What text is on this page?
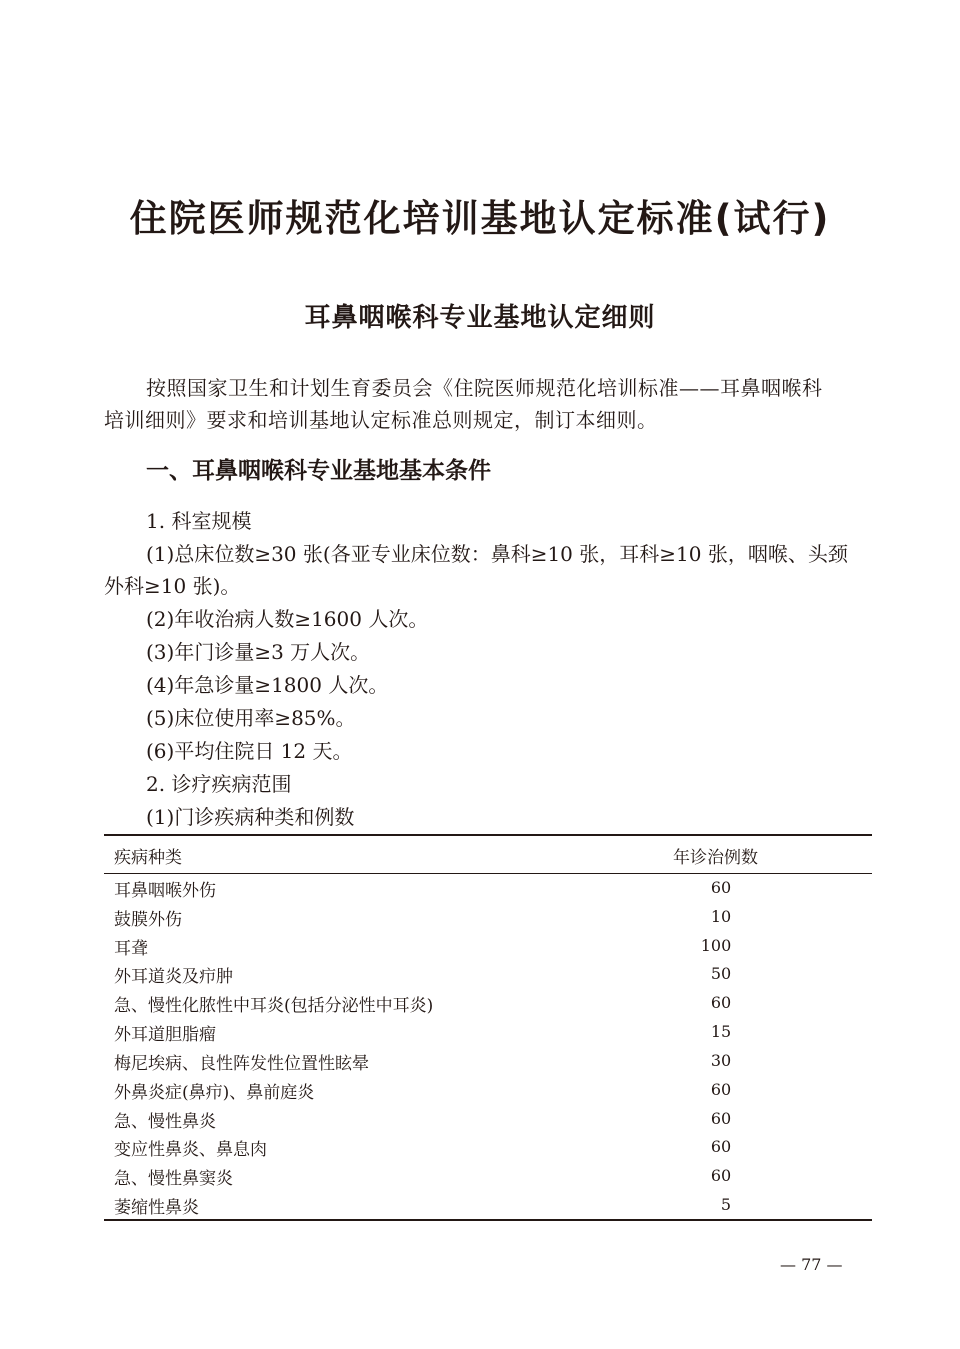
住院医师规范化培训基地认定标准(试行)
耳鼻咽喉科专业基地认定细则
按照国家卫生和计划生育委员会《住院医师规范化培训标准——耳鼻咽喉科
培训细则》要求和培训基地认定标准总则规定，制订本细则。
一、耳鼻咽喉科专业基地基本条件
1. 科室规模
(1)总床位数≥30 张(各亚专业床位数：鼻科≥10 张，耳科≥10 张，咽喉、头颈
外科≥10 张)。
(2)年收治病人数≥1600 人次。
(3)年门诊量≥3 万人次。
(4)年急诊量≥1800 人次。
(5)床位使用率≥85%。
(6)平均住院日 12 天。
2. 诊疗疾病范围
(1)门诊疾病种类和例数
疾病种类	年诊治例数
耳鼻咽喉外伤	60
鼓膜外伤	10
耳聋	100
外耳道炎及疖肿	50
急、慢性化脓性中耳炎(包括分泌性中耳炎)	60
外耳道胆脂瘤	15
梅尼埃病、良性阵发性位置性眩晕	30
外鼻炎症(鼻疖)、鼻前庭炎	60
急、慢性鼻炎	60
变应性鼻炎、鼻息肉	60
急、慢性鼻窦炎	60
萎缩性鼻炎	5
— 77 —
